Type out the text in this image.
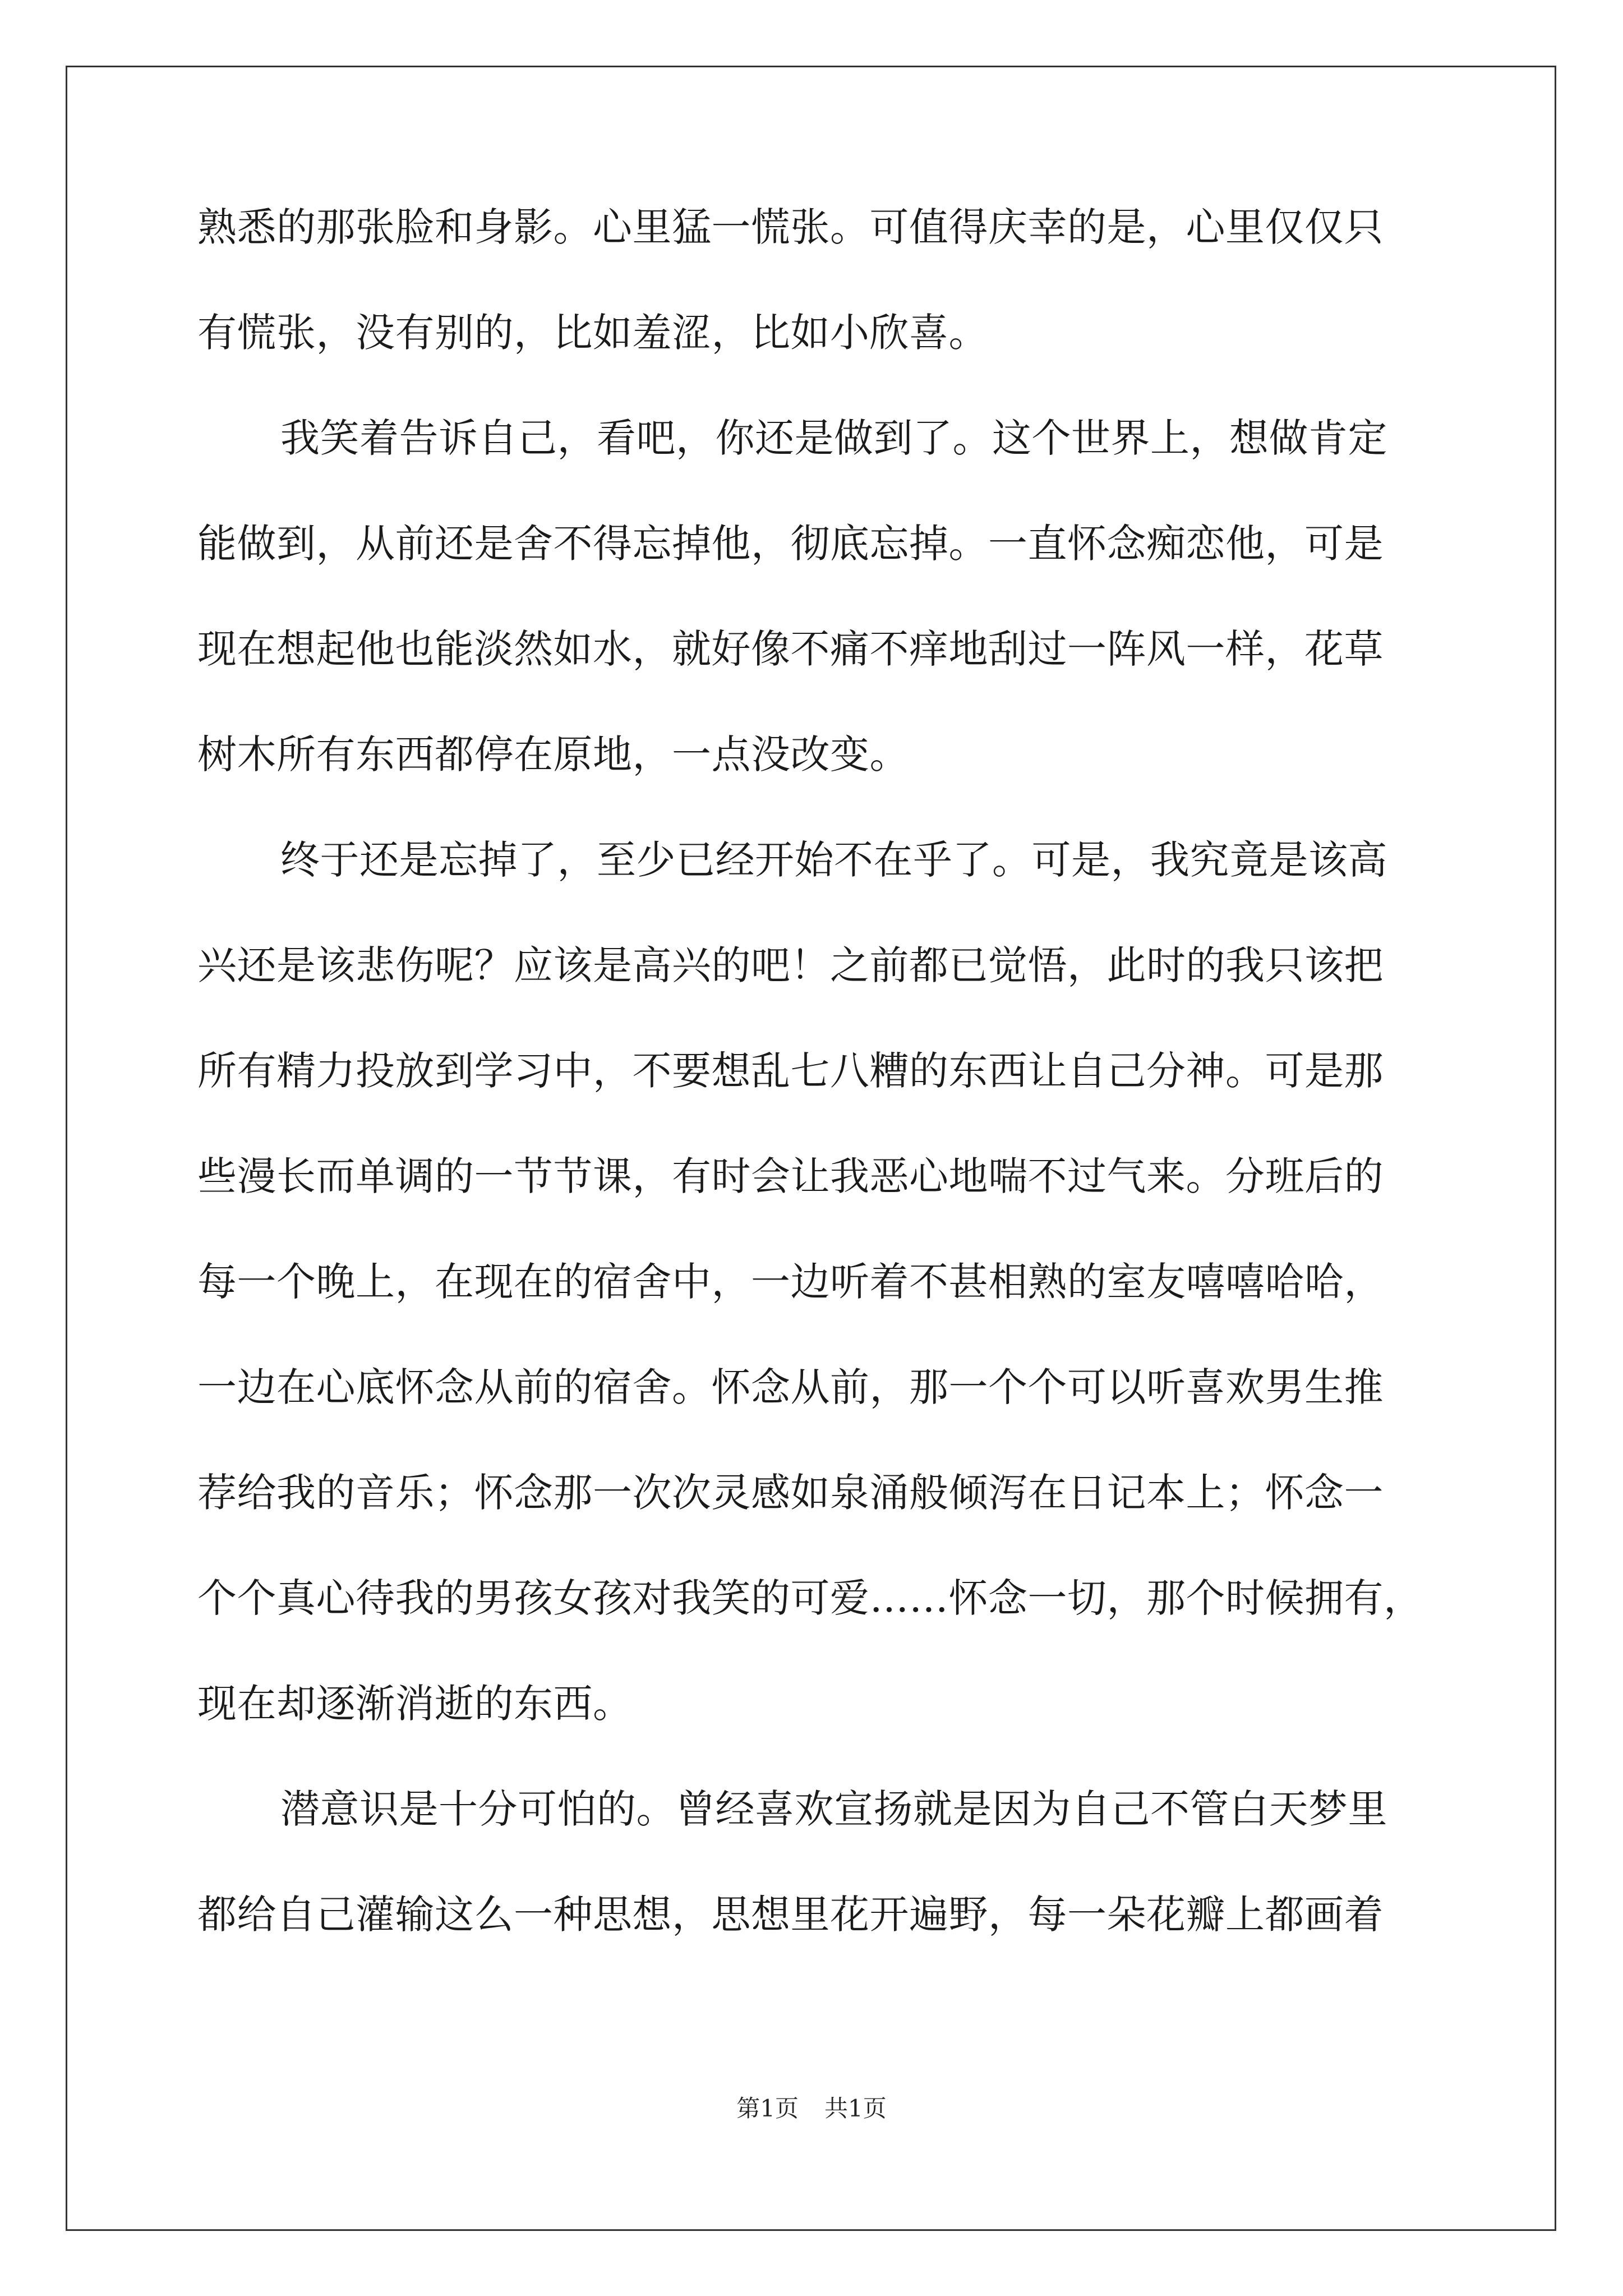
熟悉的那张脸和身影。心里猛一慌张。可值得庆幸的是，心里仅仅只
有慌张，没有别的，比如羞涩，比如小欣喜。
我笑着告诉自己，看吧，你还是做到了。这个世界上，想做肯定
能做到，从前还是舍不得忘掉他，彻底忘掉。一直怀念痴恋他，可是
现在想起他也能淡然如水，就好像不痛不痒地刮过一阵风一样，花草
树木所有东西都停在原地，一点没改变。
终于还是忘掉了，至少已经开始不在乎了。可是，我究竟是该高
兴还是该悲伤呢？应该是高兴的吧！之前都已觉悟，此时的我只该把
所有精力投放到学习中，不要想乱七八糟的东西让自己分神。可是那
些漫长而单调的一节节课，有时会让我恶心地喘不过气来。分班后的
每一个晚上，在现在的宿舍中，一边听着不甚相熟的室友嘻嘻哈哈，
一边在心底怀念从前的宿舍。怀念从前，那一个个可以听喜欢男生推
荐给我的音乐；怀念那一次次灵感如泉涌般倾泻在日记本上；怀念一
个个真心待我的男孩女孩对我笑的可爱……怀念一切，那个时候拥有，
现在却逐渐消逝的东西。
潜意识是十分可怕的。曾经喜欢宣扬就是因为自己不管白天梦里
都给自己灌输这么一种思想，思想里花开遍野，每一朵花瓣上都画着
第1页 共1页
